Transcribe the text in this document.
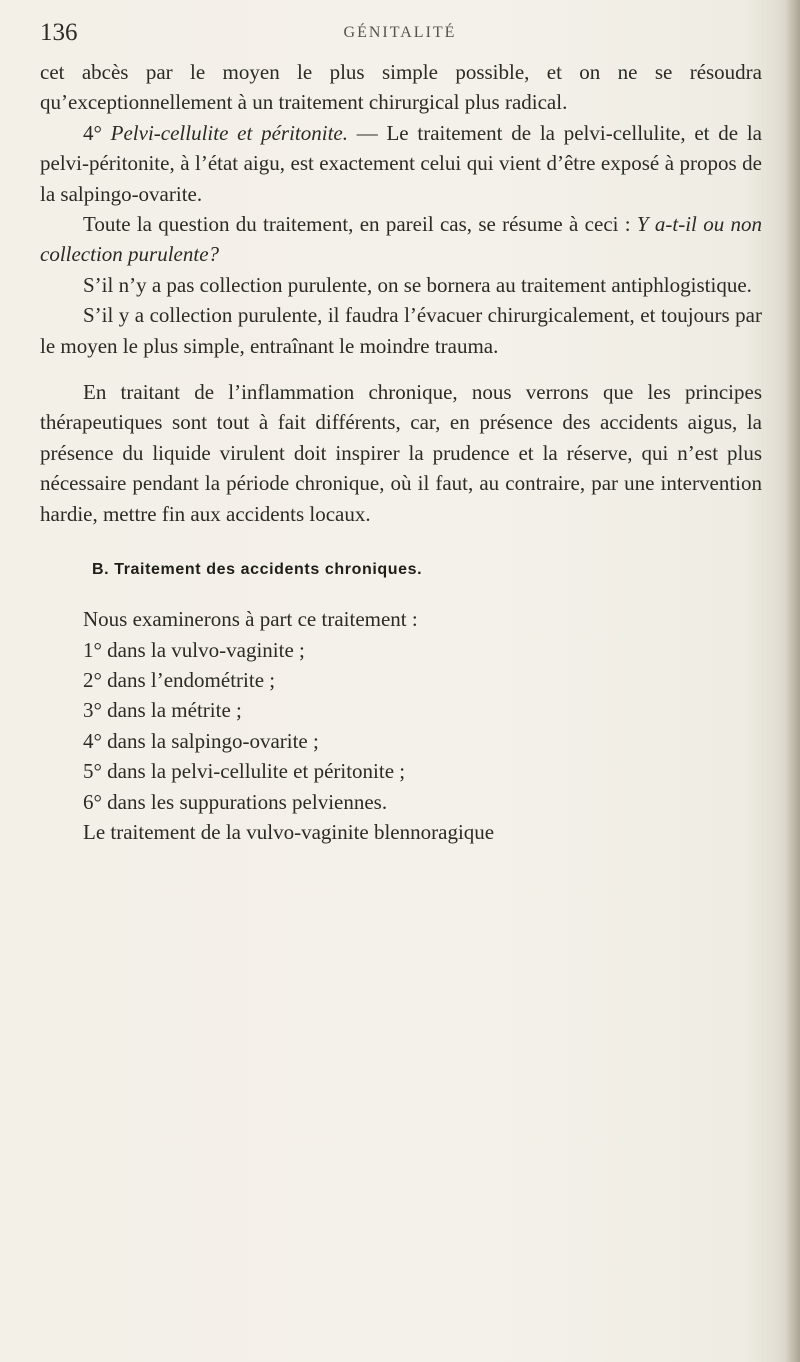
136	GÉNITALITÉ

cet abcès par le moyen le plus simple possible, et on ne se résoudra qu’exceptionnellement à un traitement chirurgical plus radical.

4° Pelvi-cellulite et péritonite. — Le traitement de la pelvi-cellulite, et de la pelvi-péritonite, à l’état aigu, est exactement celui qui vient d’être exposé à propos de la salpingo-ovarite.

Toute la question du traitement, en pareil cas, se résume à ceci : Y a-t-il ou non collection purulente?

S’il n’y a pas collection purulente, on se bornera au traitement antiphlogistique.

S’il y a collection purulente, il faudra l’évacuer chirurgicalement, et toujours par le moyen le plus simple, entraînant le moindre trauma.

En traitant de l’inflammation chronique, nous verrons que les principes thérapeutiques sont tout à fait différents, car, en présence des accidents aigus, la présence du liquide virulent doit inspirer la prudence et la réserve, qui n’est plus nécessaire pendant la période chronique, où il faut, au contraire, par une intervention hardie, mettre fin aux accidents locaux.

B. Traitement des accidents chroniques.

Nous examinerons à part ce traitement :

1° dans la vulvo-vaginite ;

2° dans l’endométrite ;

3° dans la métrite ;

4° dans la salpingo-ovarite ;

5° dans la pelvi-cellulite et péritonite ;

6° dans les suppurations pelviennes.

Le traitement de la vulvo-vaginite blennoragique
